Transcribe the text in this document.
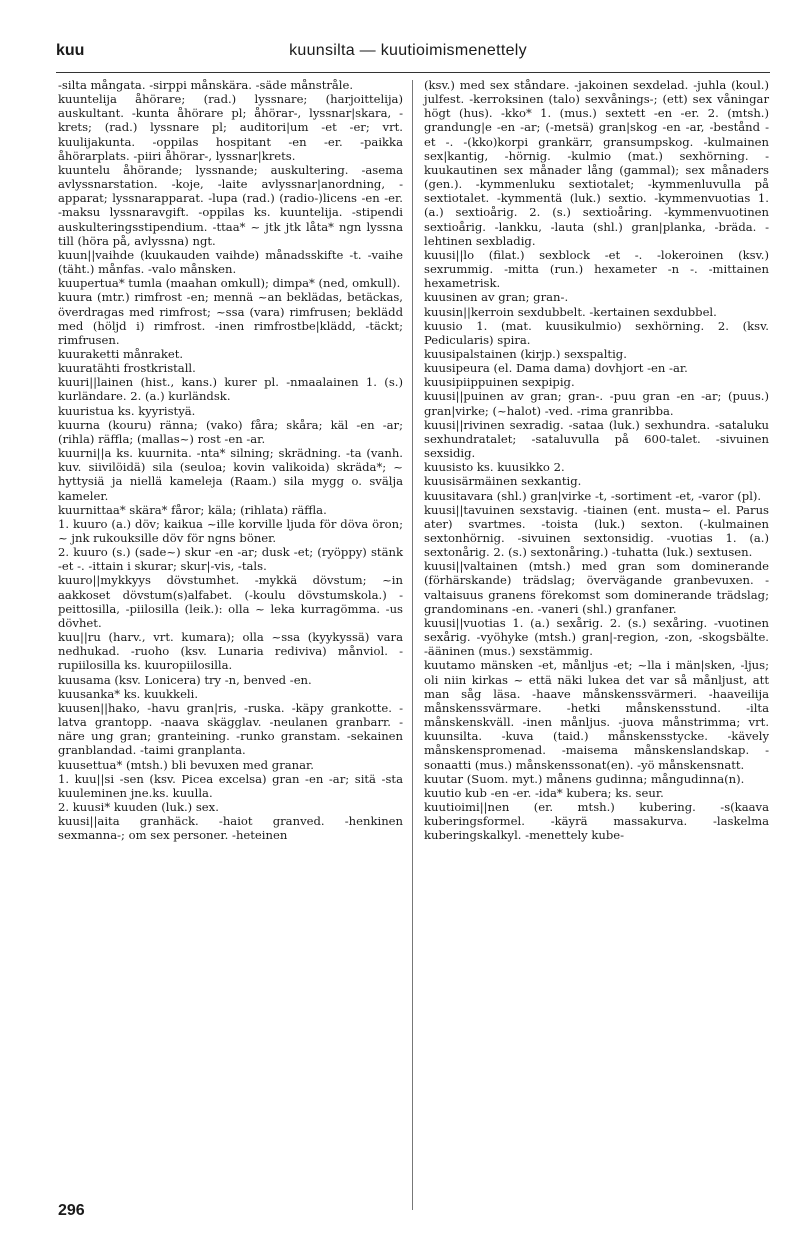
kuu	kuunsilta — kuutioimismenettely

-silta mångata. -sirppi månskära. -säde månstråle.

kuuntelija åhörare; (rad.) lyssnare; (harjoittelija) auskultant. -kunta åhörare pl; åhörar-, lyssnar|skara, -krets; (rad.) lyssnare pl; auditori|um -et -er; vrt. kuulijakunta. -oppilas hospitant -en -er. -paikka åhörarplats. -piiri åhörar-, lyssnar|krets.

kuuntelu åhörande; lyssnande; auskultering. -asema avlyssnarstation. -koje, -laite avlyssnar|anordning, -apparat; lyssnarapparat. -lupa (rad.) (radio-)licens -en -er. -maksu lyssnaravgift. -oppilas ks. kuuntelija. -stipendi auskulteringsstipendium. -ttaa* ~ jtk jtk låta* ngn lyssna till (höra på, avlyssna) ngt.

kuun||vaihde (kuukauden vaihde) månadsskifte -t. -vaihe (täht.) månfas. -valo månsken.

kuupertua* tumla (maahan omkull); dimpa* (ned, omkull).

kuura (mtr.) rimfrost -en; mennä ~an beklädas, betäckas, överdragas med rimfrost; ~ssa (vara) rimfrusen; beklädd med (höljd i) rimfrost. -inen rimfrostbe|klädd, -täckt; rimfrusen.

kuuraketti månraket.

kuuratähti frostkristall.

kuuri||lainen (hist., kans.) kurer pl. -nmaalainen 1. (s.) kurländare. 2. (a.) kurländsk.

kuuristua ks. kyyristyä.

kuurna (kouru) ränna; (vako) fåra; skåra; käl -en -ar; (rihla) räffla; (mallas~) rost -en -ar.

kuurni||a ks. kuurnita. -nta* silning; skrädning. -ta (vanh. kuv. siivilöidä) sila (seuloa; kovin valikoida) skräda*; ~ hyttysiä ja niellä kameleja (Raam.) sila mygg o. svälja kameler.

kuurnittaa* skära* fåror; käla; (rihlata) räffla.

1. kuuro (a.) döv; kaikua ~ille korville ljuda för döva öron; ~ jnk rukouksille döv för ngns böner.

2. kuuro (s.) (sade~) skur -en -ar; dusk -et; (ryöppy) stänk -et -. -ittain i skurar; skur|-vis, -tals.

kuuro||mykkyys dövstumhet. -mykkä dövstum; ~in aakkoset dövstum(s)alfabet. (-koulu dövstumskola.) -peittosilla, -piilosilla (leik.): olla ~ leka kurragömma. -us dövhet.

kuu||ru (harv., vrt. kumara); olla ~ssa (kyykyssä) vara nedhukad. -ruoho (ksv. Lunaria rediviva) månviol. -rupiilosilla ks. kuuropiilosilla.

kuusama (ksv. Lonicera) try -n, benved -en.

kuusanka* ks. kuukkeli.

kuusen||hako, -havu gran|ris, -ruska. -käpy grankotte. -latva grantopp. -naava skägglav. -neulanen granbarr. -näre ung gran; granteining. -runko granstam. -sekainen granblandad. -taimi granplanta.

kuusettua* (mtsh.) bli bevuxen med granar.

1. kuu||si -sen (ksv. Picea excelsa) gran -en -ar; sitä -sta kuuleminen jne.ks. kuulla.

2. kuusi* kuuden (luk.) sex.

kuusi||aita granhäck. -haiot granved. -henkinen sexmanna-; om sex personer. -heteinen

(ksv.) med sex ståndare. -jakoinen sexdelad. -juhla (koul.) julfest. -kerroksinen (talo) sexvånings-; (ett) sex våningar högt (hus). -kko* 1. (mus.) sextett -en -er. 2. (mtsh.) grandung|e -en -ar; (-metsä) gran|skog -en -ar, -bestånd -et -. -(kko)korpi grankärr, gransumpskog. -kulmainen sex|kantig, -hörnig. -kulmio (mat.) sexhörning. -kuukautinen sex månader lång (gammal); sex månaders (gen.). -kymmenluku sextiotalet; -kymmenluvulla på sextiotalet. -kymmentä (luk.) sextio. -kymmenvuotias 1. (a.) sextioårig. 2. (s.) sextioåring. -kymmenvuotinen sextioårig. -lankku, -lauta (shl.) gran|planka, -bräda. -lehtinen sexbladig.

kuusi||lo (filat.) sexblock -et -. -lokeroinen (ksv.) sexrummig. -mitta (run.) hexameter -n -. -mittainen hexametrisk.

kuusinen av gran; gran-.

kuusin||kerroin sexdubbelt. -kertainen sexdubbel.

kuusio 1. (mat. kuusikulmio) sexhörning. 2. (ksv. Pedicularis) spira.

kuusipalstainen (kirjp.) sexspaltig.

kuusipeura (el. Dama dama) dovhjort -en -ar.

kuusipiippuinen sexpipig.

kuusi||puinen av gran; gran-. -puu gran -en -ar; (puus.) gran|virke; (~halot) -ved. -rima granribba.

kuusi||rivinen sexradig. -sataa (luk.) sexhundra. -sataluku sexhundratalet; -sataluvulla på 600-talet. -sivuinen sexsidig.

kuusisto ks. kuusikko 2.

kuusisärmäinen sexkantig.

kuusitavara (shl.) gran|virke -t, -sortiment -et, -varor (pl).

kuusi||tavuinen sexstavig. -tiainen (ent. musta~ el. Parus ater) svartmes. -toista (luk.) sexton. (-kulmainen sextonhörnig. -sivuinen sextonsidig. -vuotias 1. (a.) sextonårig. 2. (s.) sextonåring.) -tuhatta (luk.) sextusen.

kuusi||valtainen (mtsh.) med gran som dominerande (förhärskande) trädslag; övervägande granbevuxen. -valtaisuus granens förekomst som dominerande trädslag; grandominans -en. -vaneri (shl.) granfaner.

kuusi||vuotias 1. (a.) sexårig. 2. (s.) sexåring. -vuotinen sexårig. -vyöhyke (mtsh.) gran|-region, -zon, -skogsbälte. -ääninen (mus.) sexstämmig.

kuutamo mänsken -et, månljus -et; ~lla i män|sken, -ljus; oli niin kirkas ~ että näki lukea det var så månljust, att man såg läsa. -haave månskenssvärmeri. -haaveilija månskenssvärmare. -hetki månskensstund. -ilta månskenskväll. -inen månljus. -juova månstrimma; vrt. kuunsilta. -kuva (taid.) månskensstycke. -kävely månskenspromenad. -maisema månskenslandskap. -sonaatti (mus.) månskenssonat(en). -yö månskensnatt.

kuutar (Suom. myt.) månens gudinna; mångudinna(n).

kuutio kub -en -er. -ida* kubera; ks. seur.

kuutioimi||nen (er. mtsh.) kubering. -s(kaava kuberingsformel. -käyrä massakurva. -laskelma kuberingskalkyl. -menettely kube-

296
